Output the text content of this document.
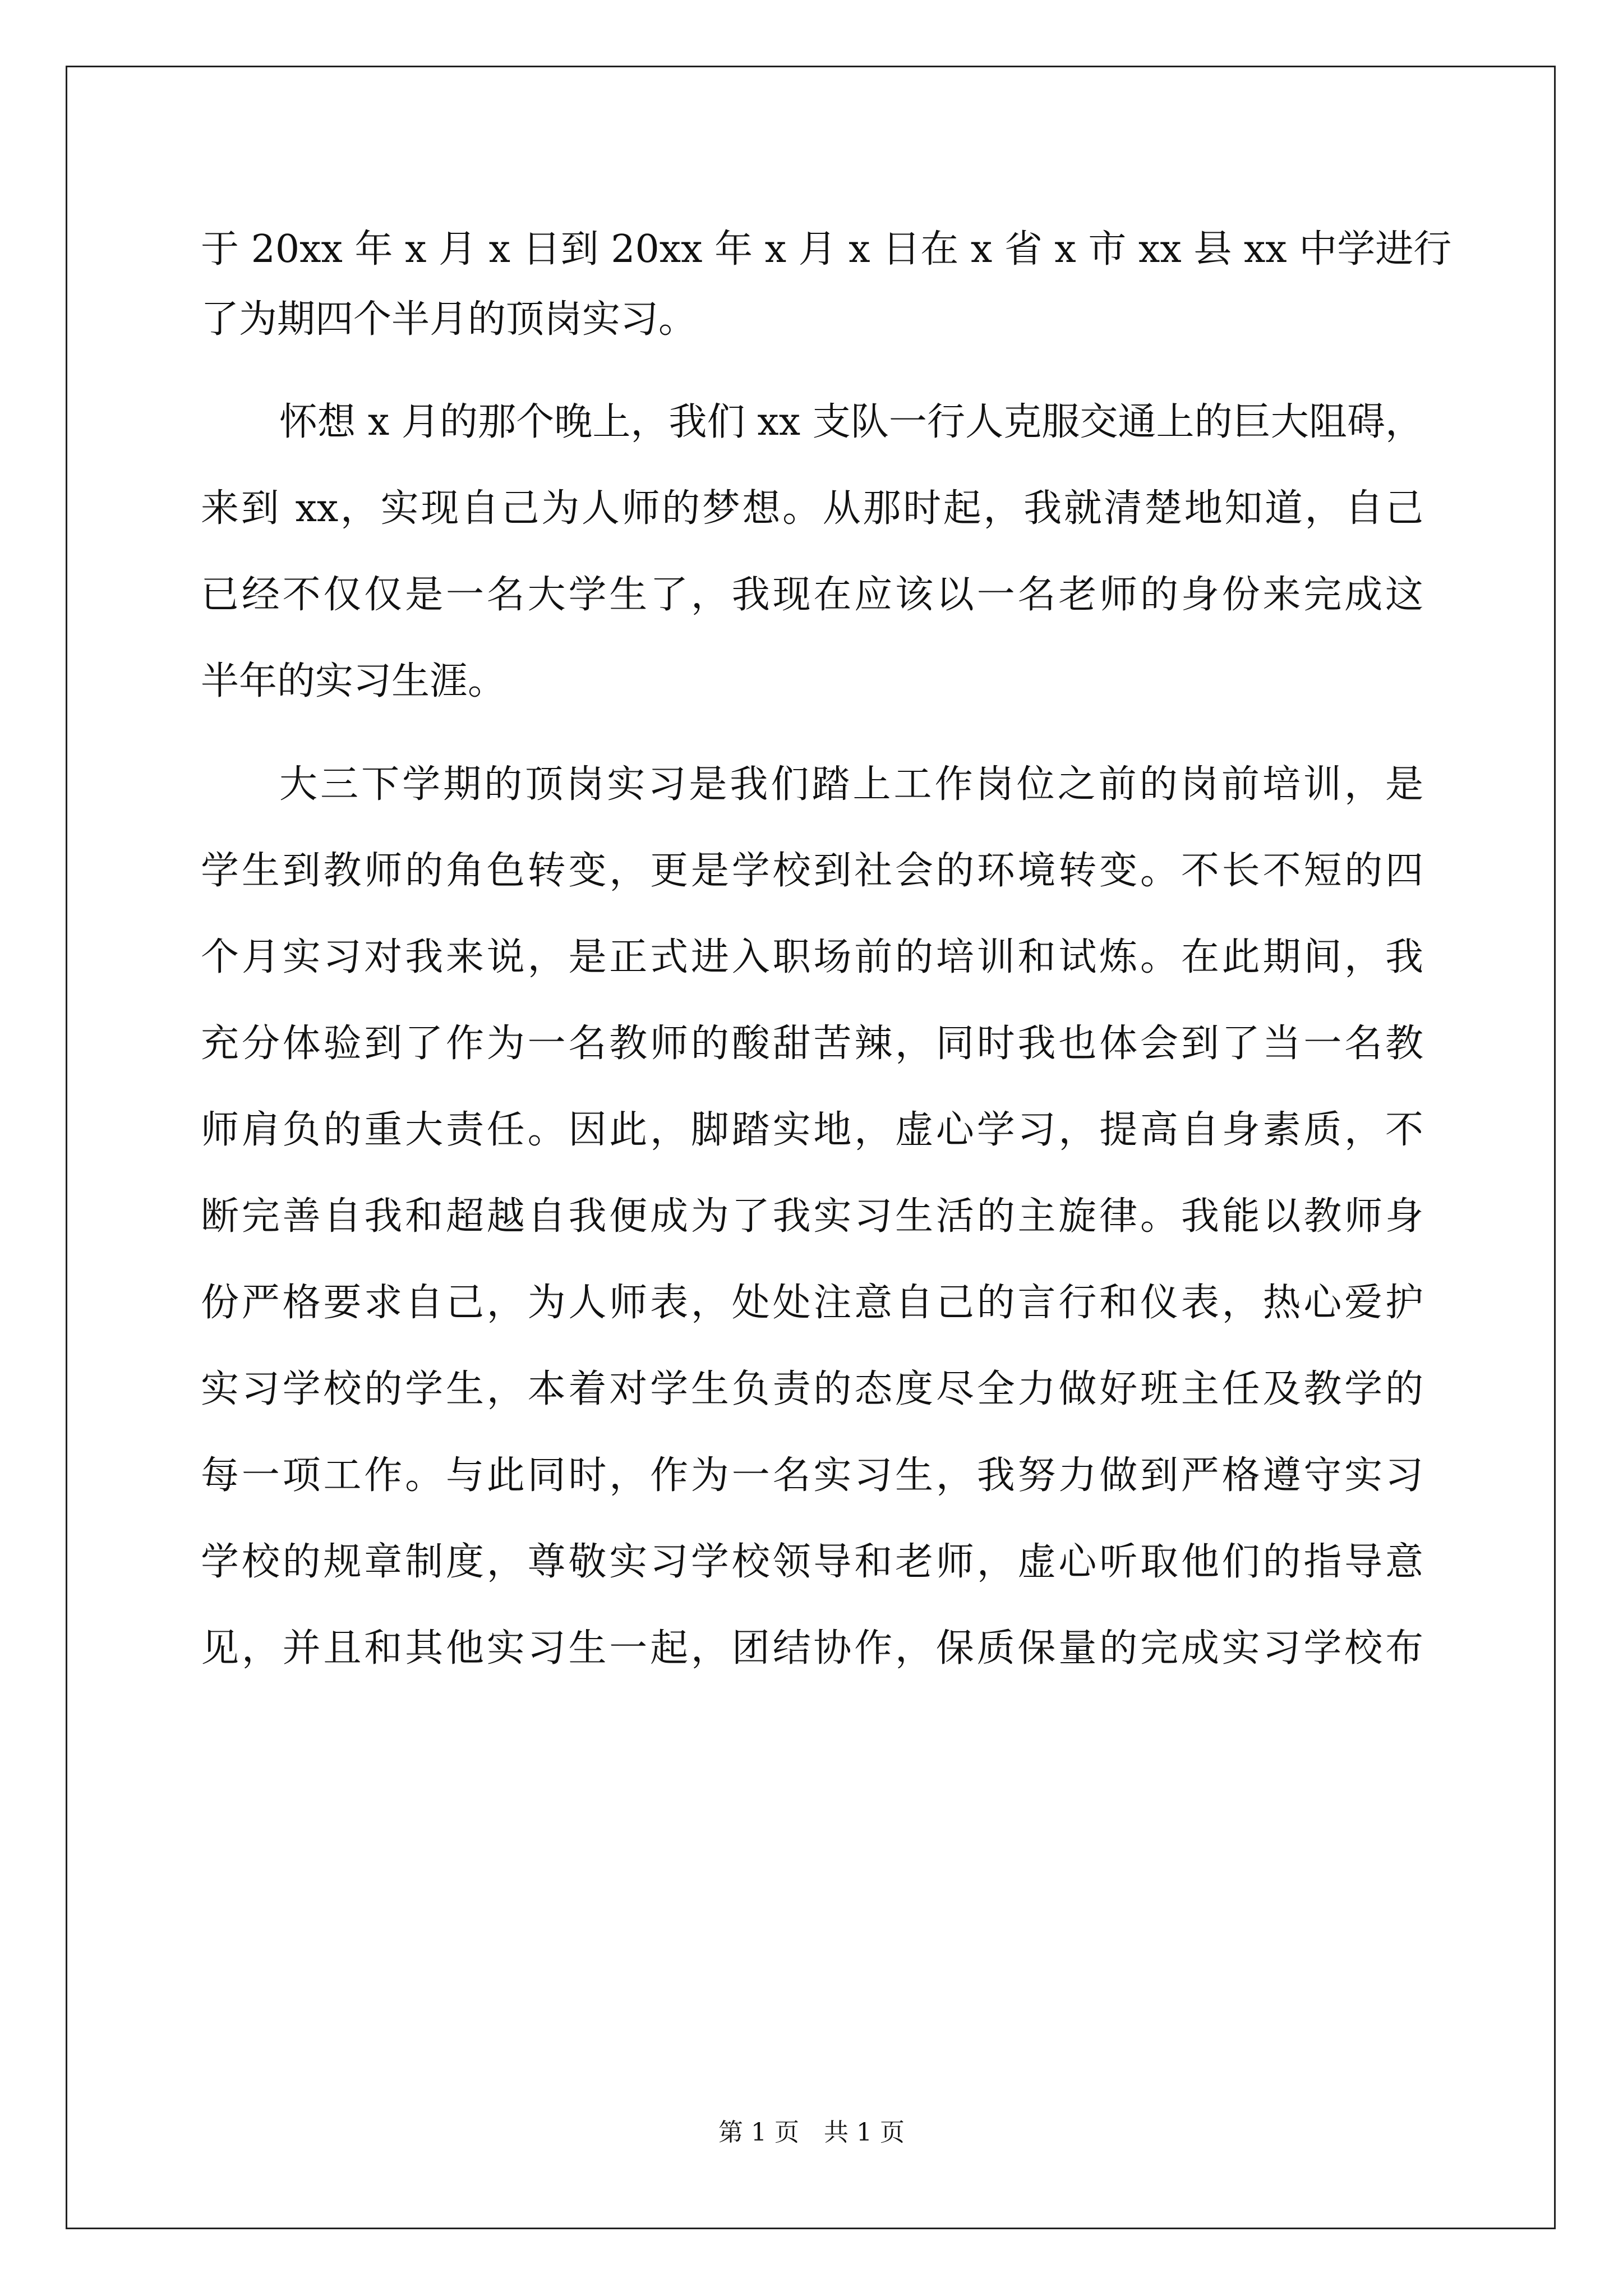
于 20xx 年 x 月 x 日到 20xx 年 x 月 x 日在 x 省 x 市 xx 县 xx 中学进行
了为期四个半月的顶岗实习。
怀想 x 月的那个晚上，我们 xx 支队一行人克服交通上的巨大阻碍，
来到 xx，实现自己为人师的梦想。从那时起，我就清楚地知道，自己
已经不仅仅是一名大学生了，我现在应该以一名老师的身份来完成这
半年的实习生涯。
大三下学期的顶岗实习是我们踏上工作岗位之前的岗前培训，是
学生到教师的角色转变，更是学校到社会的环境转变。不长不短的四
个月实习对我来说，是正式进入职场前的培训和试炼。在此期间，我
充分体验到了作为一名教师的酸甜苦辣，同时我也体会到了当一名教
师肩负的重大责任。因此，脚踏实地，虚心学习，提高自身素质，不
断完善自我和超越自我便成为了我实习生活的主旋律。我能以教师身
份严格要求自己，为人师表，处处注意自己的言行和仪表，热心爱护
实习学校的学生，本着对学生负责的态度尽全力做好班主任及教学的
每一项工作。与此同时，作为一名实习生，我努力做到严格遵守实习
学校的规章制度，尊敬实习学校领导和老师，虚心听取他们的指导意
见，并且和其他实习生一起，团结协作，保质保量的完成实习学校布
第 1 页　共 1 页
